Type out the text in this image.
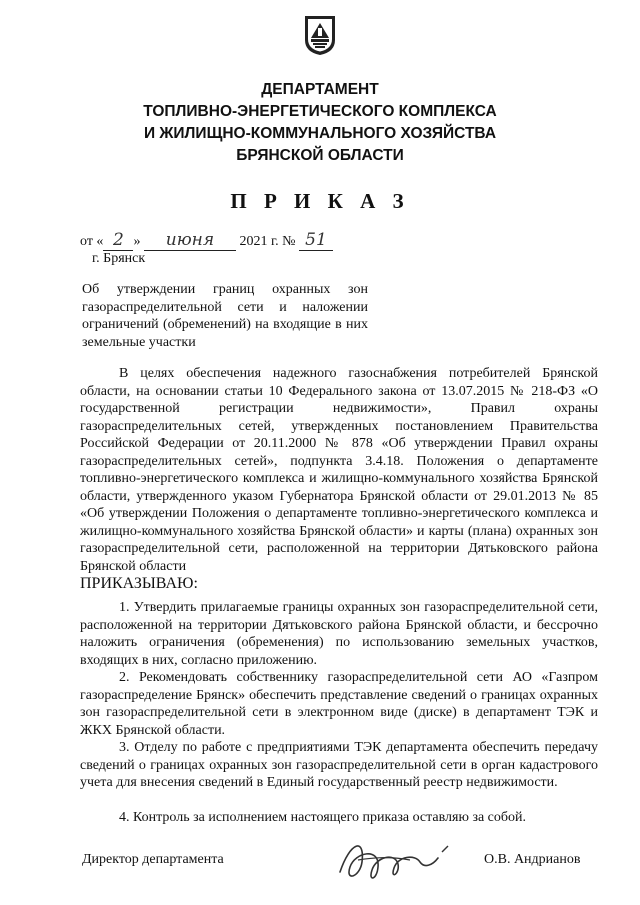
ДЕПАРТАМЕНТ
ТОПЛИВНО-ЭНЕРГЕТИЧЕСКОГО КОМПЛЕКСА
И ЖИЛИЩНО-КОММУНАЛЬНОГО ХОЗЯЙСТВА
БРЯНСКОЙ ОБЛАСТИ
П Р И К А З
от « 2 » июня 2021 г. № 51
г. Брянск
Об утверждении границ охранных зон газораспределительной сети и наложении ограничений (обременений) на входящие в них земельные участки
В целях обеспечения надежного газоснабжения потребителей Брянской области, на основании статьи 10 Федерального закона от 13.07.2015 № 218-ФЗ «О государственной регистрации недвижимости», Правил охраны газораспределительных сетей, утвержденных постановлением Правительства Российской Федерации от 20.11.2000 № 878 «Об утверждении Правил охраны газораспределительных сетей», подпункта 3.4.18. Положения о департаменте топливно-энергетического комплекса и жилищно-коммунального хозяйства Брянской области, утвержденного указом Губернатора Брянской области от 29.01.2013 № 85 «Об утверждении Положения о департаменте топливно-энергетического комплекса и жилищно-коммунального хозяйства Брянской области» и карты (плана) охранных зон газораспределительной сети, расположенной на территории Дятьковского района Брянской области
ПРИКАЗЫВАЮ:
1. Утвердить прилагаемые границы охранных зон газораспределительной сети, расположенной на территории Дятьковского района Брянской области, и бессрочно наложить ограничения (обременения) по использованию земельных участков, входящих в них, согласно приложению.
2. Рекомендовать собственнику газораспределительной сети АО «Газпром газораспределение Брянск» обеспечить представление сведений о границах охранных зон газораспределительной сети в электронном виде (диске) в департамент ТЭК и ЖКХ Брянской области.
3. Отделу по работе с предприятиями ТЭК департамента обеспечить передачу сведений о границах охранных зон газораспределительной сети в орган кадастрового учета для внесения сведений в Единый государственный реестр недвижимости.
4. Контроль за исполнением настоящего приказа оставляю за собой.
Директор департамента	О.В. Андрианов
